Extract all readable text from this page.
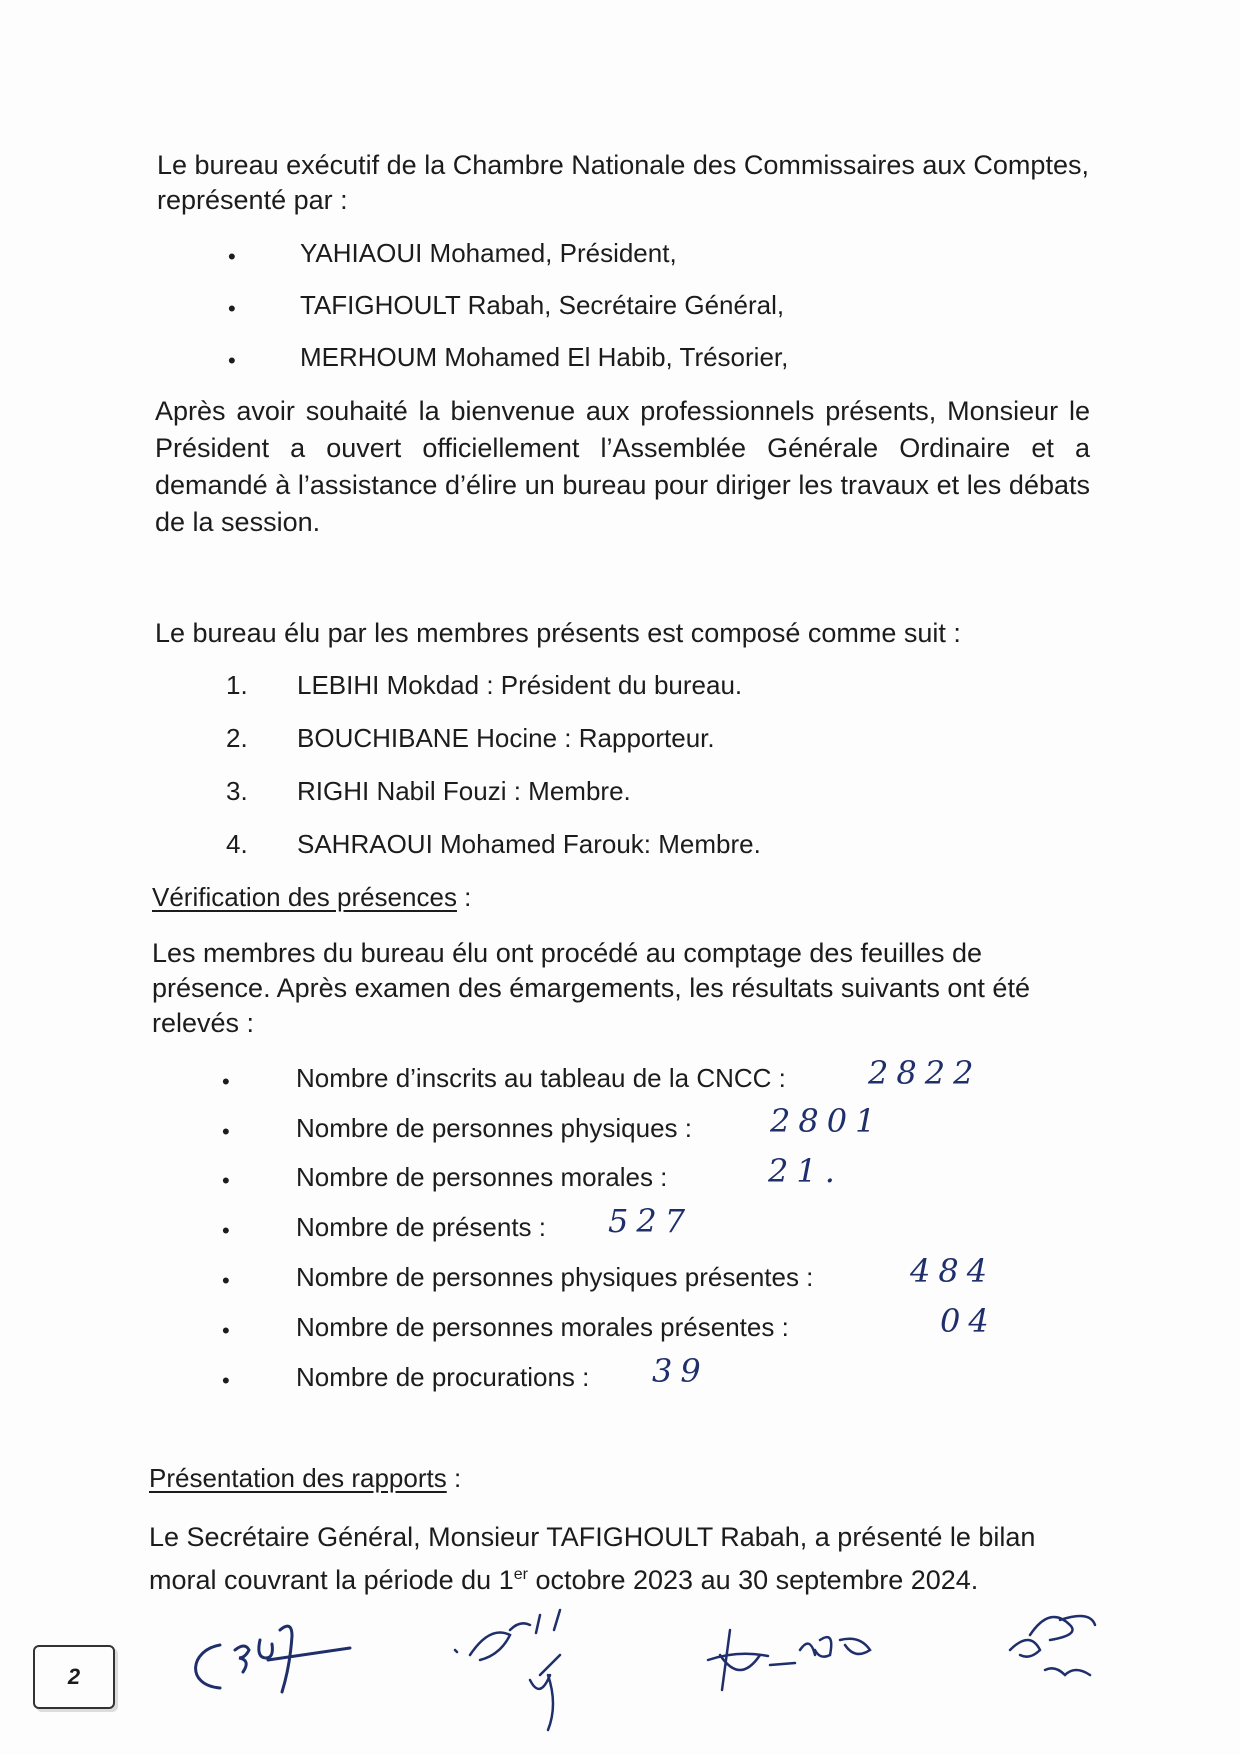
Le bureau exécutif de la Chambre Nationale des Commissaires aux Comptes, représenté par :

• YAHIAOUI Mohamed, Président,
• TAFIGHOULT Rabah, Secrétaire Général,
• MERHOUM Mohamed El Habib, Trésorier,

Après avoir souhaité la bienvenue aux professionnels présents, Monsieur le Président a ouvert officiellement l’Assemblée Générale Ordinaire et a demandé à l’assistance d’élire un bureau pour diriger les travaux et les débats de la session.

Le bureau élu par les membres présents est composé comme suit :

1. LEBIHI Mokdad : Président du bureau.
2. BOUCHIBANE Hocine : Rapporteur.
3. RIGHI Nabil Fouzi : Membre.
4. SAHRAOUI Mohamed Farouk: Membre.
Vérification des présences :

Les membres du bureau élu ont procédé au comptage des feuilles de présence. Après examen des émargements, les résultats suivants ont été relevés :

•	Nombre d’inscrits au tableau de la CNCC :	2822
•	Nombre de personnes physiques : 2801
•	Nombre de personnes morales :	21.
•	Nombre de présents : 527
•	Nombre de personnes physiques présentes :	484
•	Nombre de personnes morales présentes :	04
•	Nombre de procurations : 39
Présentation des rapports :

Le Secrétaire Général, Monsieur TAFIGHOULT Rabah, a présenté le bilan moral couvrant la période du 1er octobre 2023 au 30 septembre 2024.

2
